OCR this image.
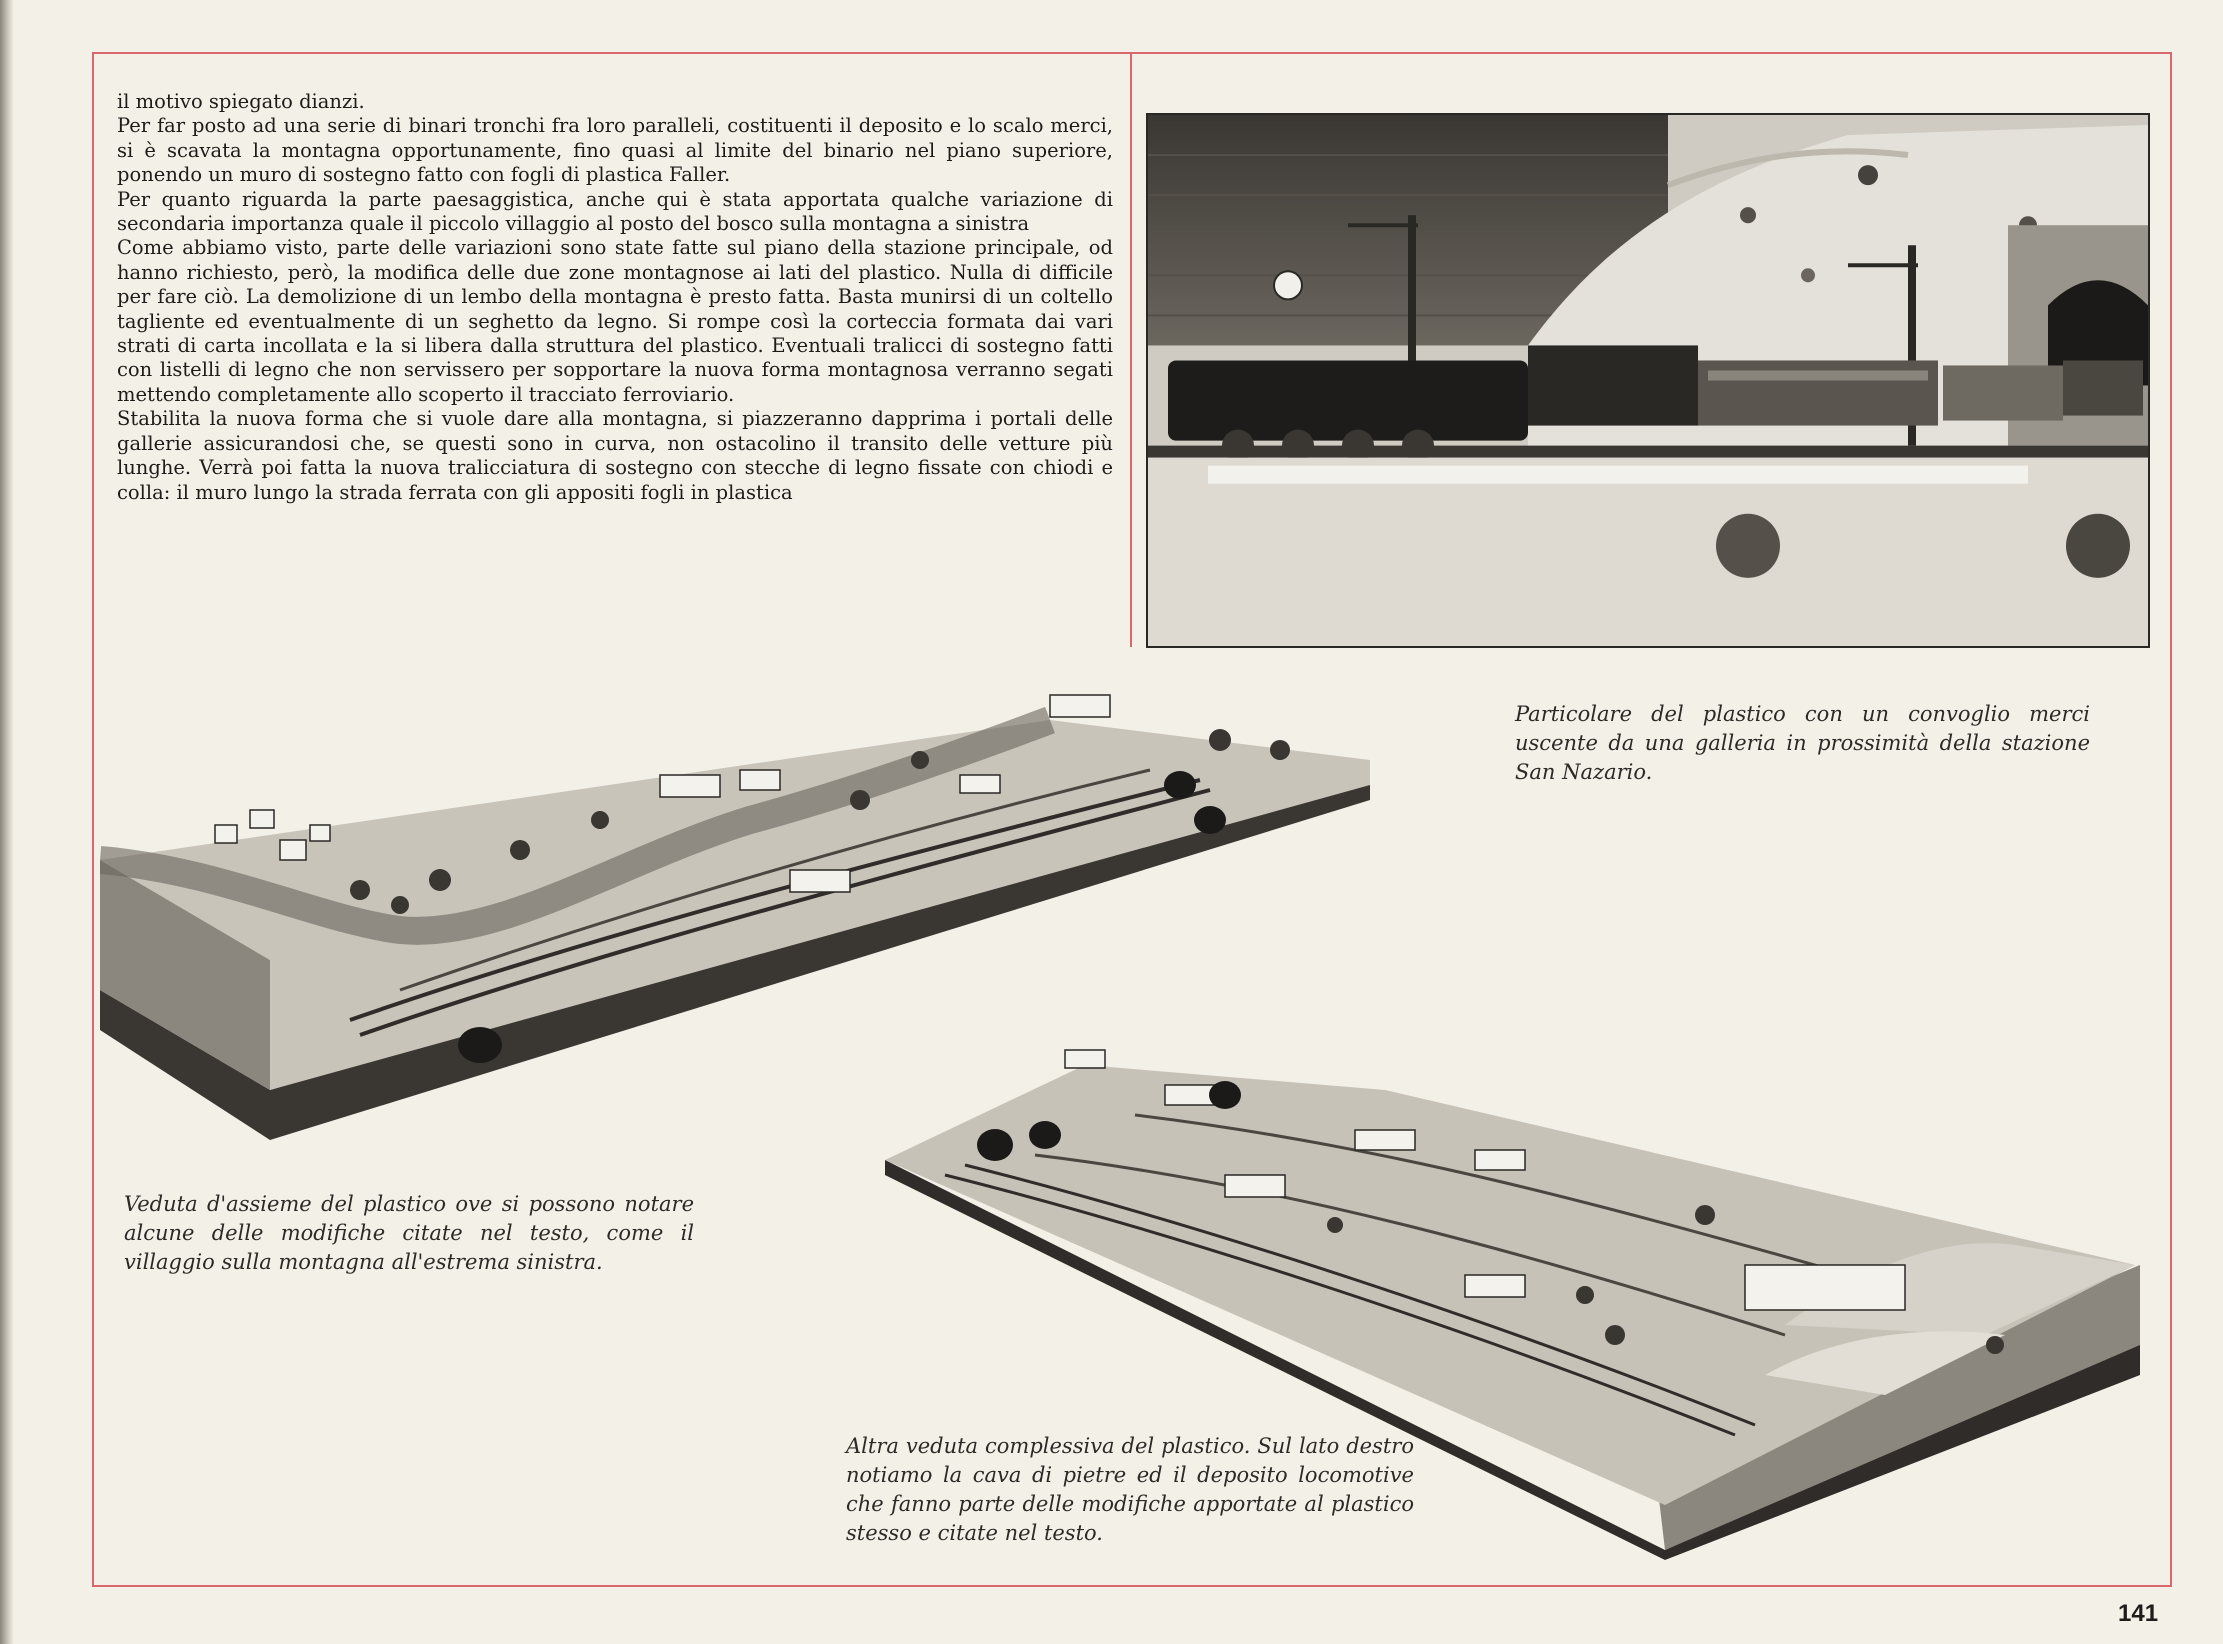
il motivo spiegato dianzi.

Per far posto ad una serie di binari tronchi fra loro paralleli, costituenti il deposito e lo scalo merci, si è scavata la montagna opportunamente, fino quasi al limite del binario nel piano superiore, ponendo un muro di sostegno fatto con fogli di plastica Faller.

Per quanto riguarda la parte paesaggistica, anche qui è stata apportata qualche variazione di secondaria importanza quale il piccolo villaggio al posto del bosco sulla montagna a sinistra

Come abbiamo visto, parte delle variazioni sono state fatte sul piano della stazione principale, od hanno richiesto, però, la modifica delle due zone montagnose ai lati del plastico. Nulla di difficile per fare ciò. La demolizione di un lembo della montagna è presto fatta. Basta munirsi di un coltello tagliente ed eventualmente di un seghetto da legno. Si rompe così la corteccia formata dai vari strati di carta incollata e la si libera dalla struttura del plastico. Eventuali tralicci di sostegno fatti con listelli di legno che non servissero per sopportare la nuova forma montagnosa verranno segati mettendo completamente allo scoperto il tracciato ferroviario.

Stabilita la nuova forma che si vuole dare alla montagna, si piazzeranno dapprima i portali delle gallerie assicurandosi che, se questi sono in curva, non ostacolino il transito delle vetture più lunghe. Verrà poi fatta la nuova tralicciatura di sostegno con stecche di legno fissate con chiodi e colla: il muro lungo la strada ferrata con gli appositi fogli in plastica

Particolare del plastico con un convoglio merci uscente da una galleria in prossimità della stazione San Nazario.
Veduta d'assieme del plastico ove si possono notare alcune delle modifiche citate nel testo, come il villaggio sulla montagna all'estrema sinistra.
Altra veduta complessiva del plastico. Sul lato destro notiamo la cava di pietre ed il deposito locomotive che fanno parte delle modifiche apportate al plastico stesso e citate nel testo.
141
